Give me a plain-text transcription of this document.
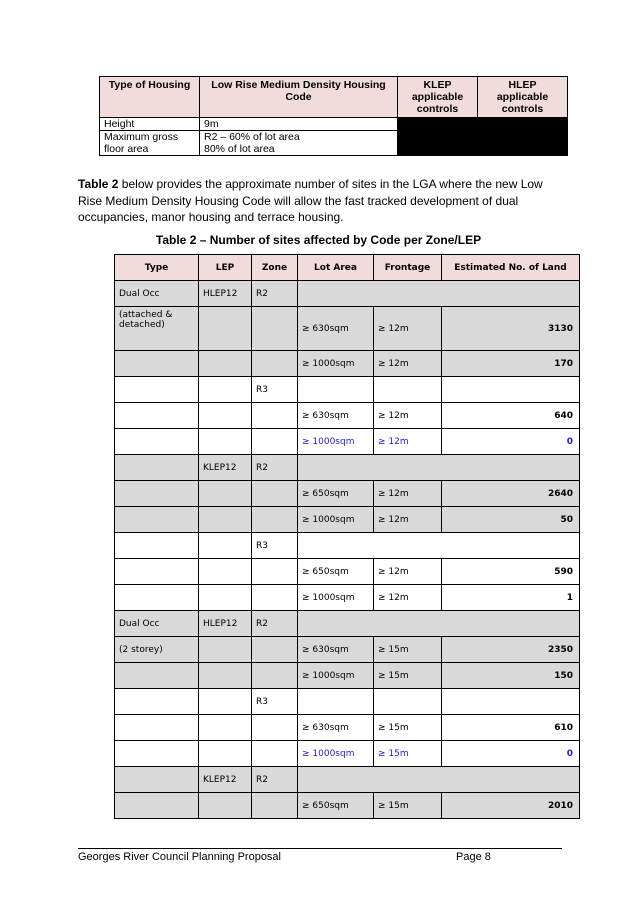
Type of Housing	Low Rise Medium Density Housing Code	KLEP applicable controls	HLEP applicable controls
Height	9m		
Maximum gross floor area	R2 – 60% of lot area
80% of lot area		

Table 2 below provides the approximate number of sites in the LGA where the new Low Rise Medium Density Housing Code will allow the fast tracked development of dual occupancies, manor housing and terrace housing.

Table 2 – Number of sites affected by Code per Zone/LEP
Type	LEP	Zone	Lot Area	Frontage	Estimated No. of Land
Dual Occ	HLEP12	R2			
(attached & detached)			≥ 630sqm	≥ 12m	3130
			≥ 1000sqm	≥ 12m	170
		R3			
			≥ 630sqm	≥ 12m	640
			≥ 1000sqm	≥ 12m	0
	KLEP12	R2			
			≥ 650sqm	≥ 12m	2640
			≥ 1000sqm	≥ 12m	50
		R3			
			≥ 650sqm	≥ 12m	590
			≥ 1000sqm	≥ 12m	1
Dual Occ	HLEP12	R2			
(2 storey)			≥ 630sqm	≥ 15m	2350
			≥ 1000sqm	≥ 15m	150
		R3			
			≥ 630sqm	≥ 15m	610
			≥ 1000sqm	≥ 15m	0
	KLEP12	R2			
			≥ 650sqm	≥ 15m	2010
Georges River Council Planning Proposal	Page 8
